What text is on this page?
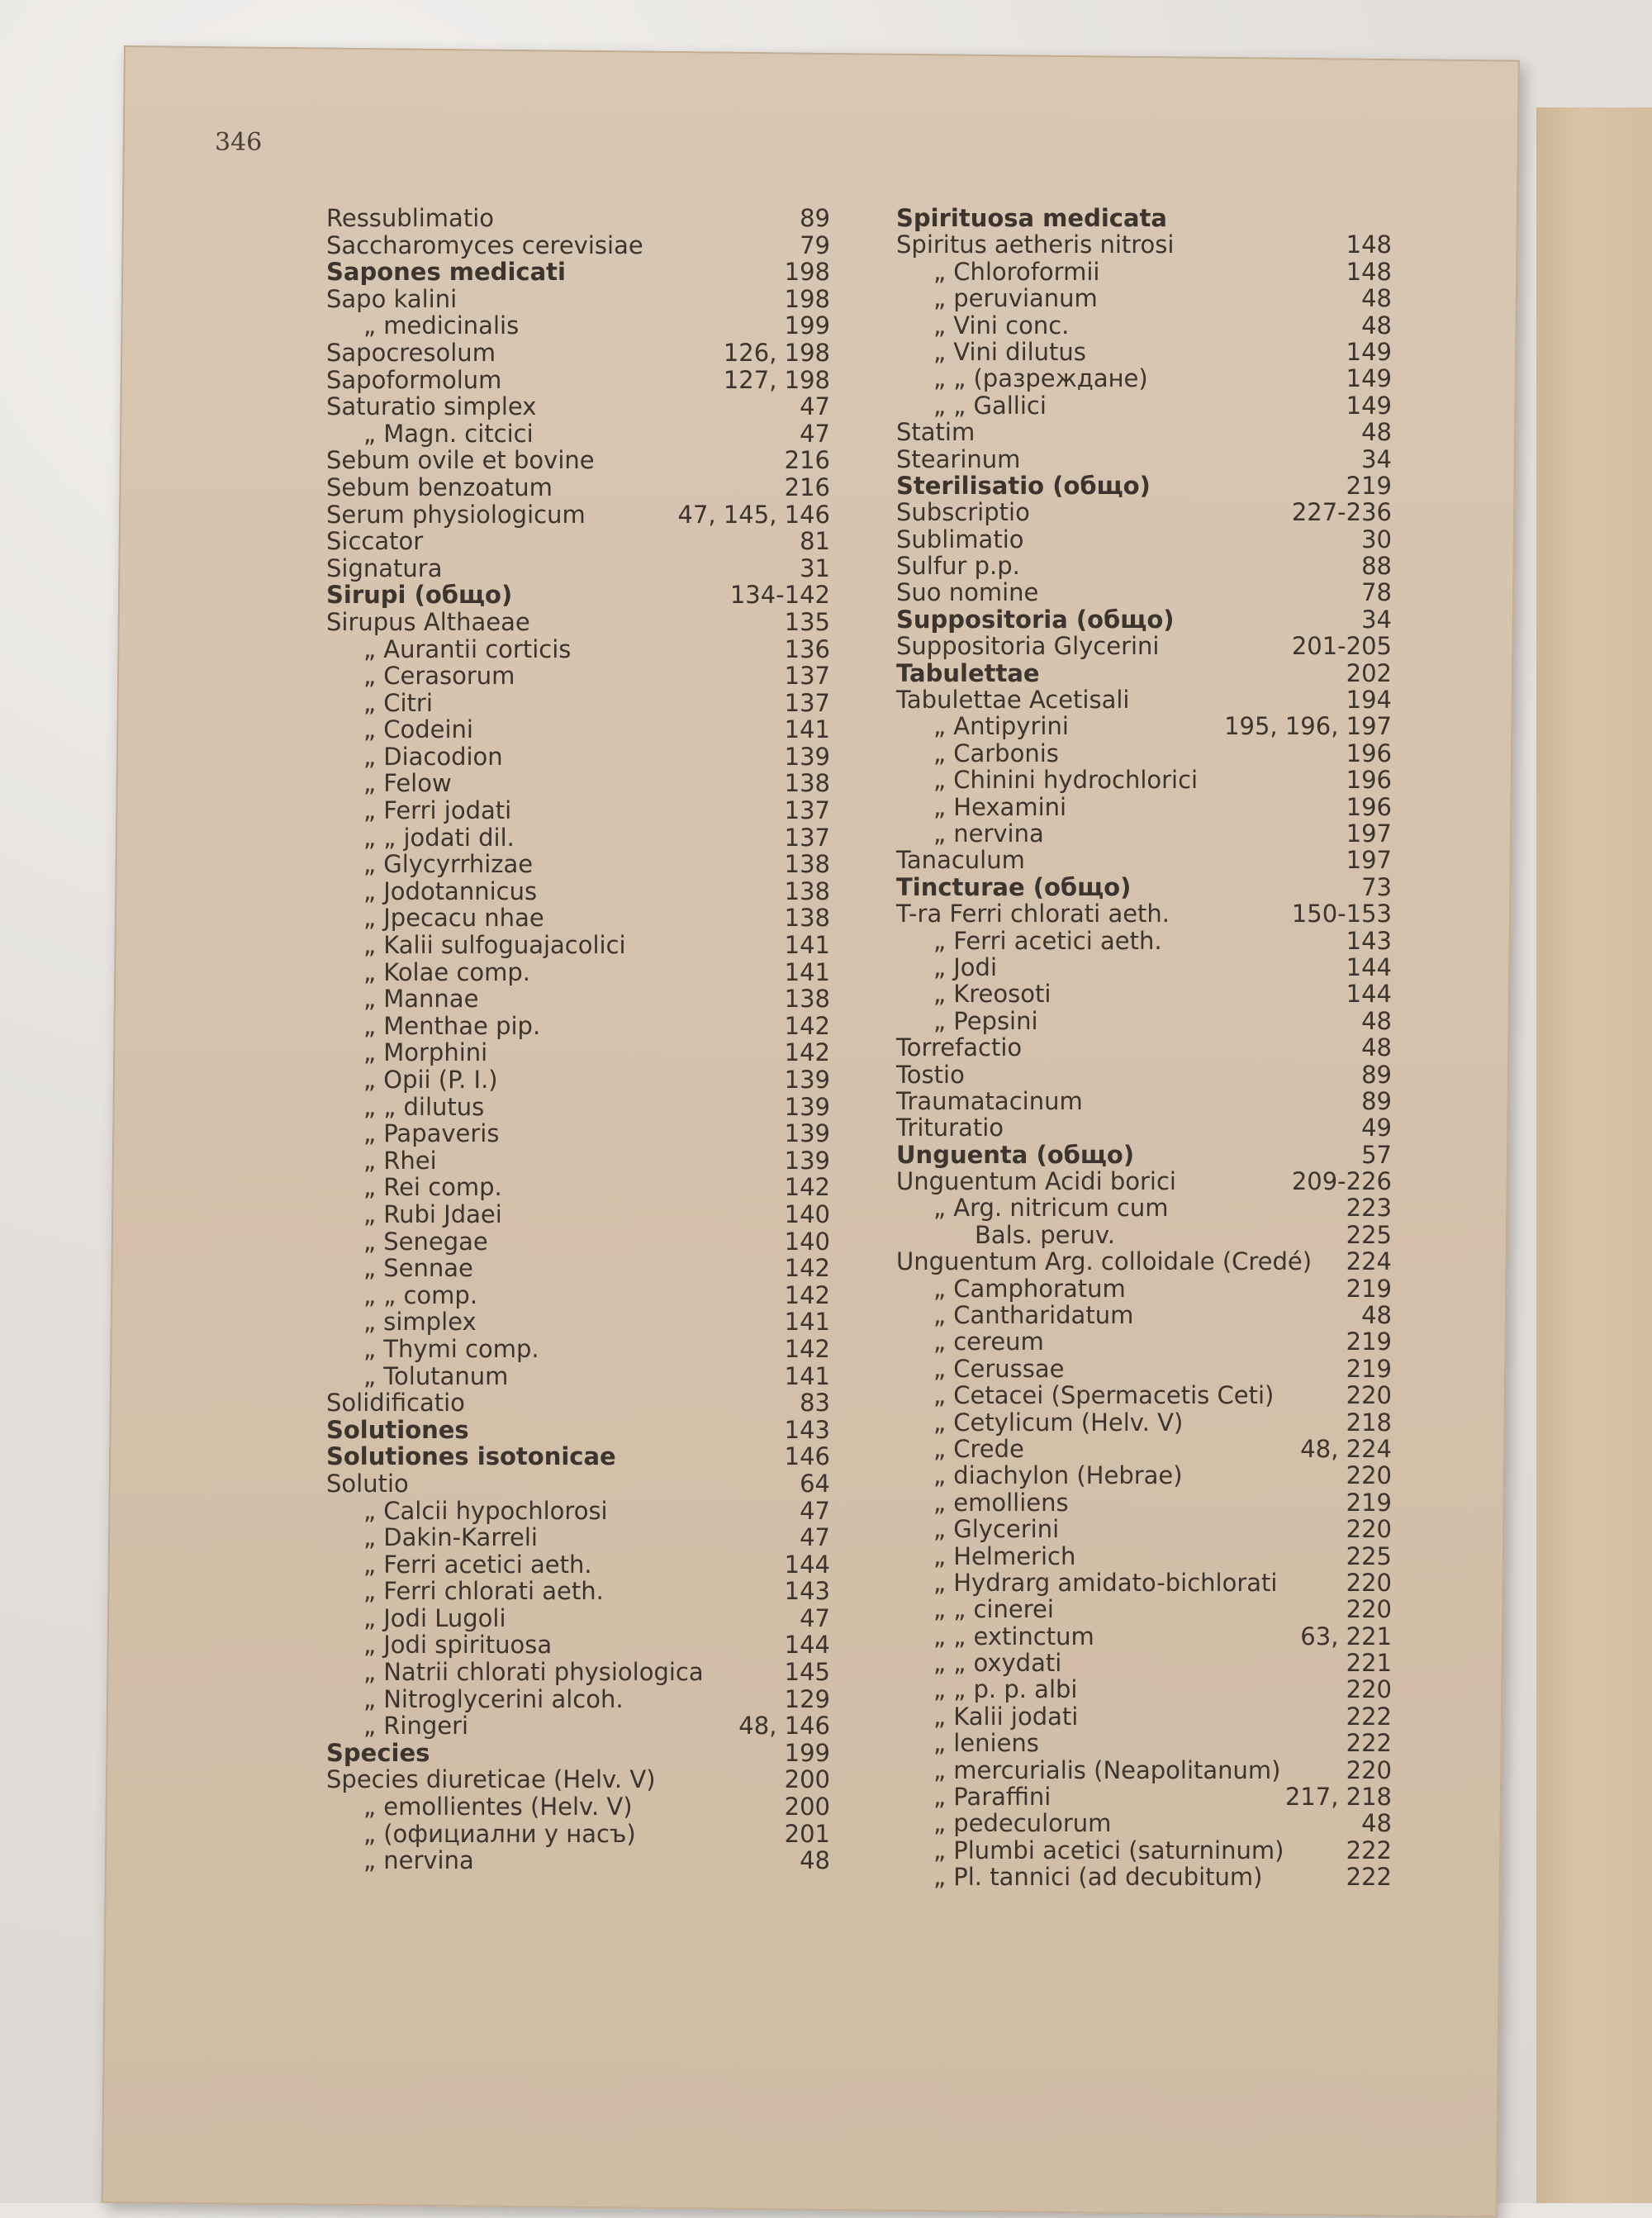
346
Ressublimatio	89
Saccharomyces cerevisiae	79
Sapones medicati	198
Sapo kalini	198
„ medicinalis	199
Sapocresolum	126, 198
Sapoformolum	127, 198
Saturatio simplex	47
„ Magn. citcici	47
Sebum ovile et bovine	216
Sebum benzoatum	216
Serum physiologicum	47, 145, 146
Siccator	81
Signatura	31
Sirupi (общо)	134-142
Sirupus Althaeae	135
„ Aurantii corticis	136
„ Cerasorum	137
„ Citri	137
„ Codeini	141
„ Diacodion	139
„ Felow	138
„ Ferri jodati	137
„ „ jodati dil.	137
„ Glycyrrhizae	138
„ Jodotannicus	138
„ Jpecacu nhae	138
„ Kalii sulfoguajacolici	141
„ Kolae comp.	141
„ Mannae	138
„ Menthae pip.	142
„ Morphini	142
„ Opii (P. I.)	139
„ „ dilutus	139
„ Papaveris	139
„ Rhei	139
„ Rei comp.	142
„ Rubi Jdaei	140
„ Senegae	140
„ Sennae	142
„ „ comp.	142
„ simplex	141
„ Thymi comp.	142
„ Tolutanum	141
Solidificatio	83
Solutiones	143
Solutiones isotonicae	146
Solutio	64
„ Calcii hypochlorosi	47
„ Dakin-Karreli	47
„ Ferri acetici aeth.	144
„ Ferri chlorati aeth.	143
„ Jodi Lugoli	47
„ Jodi spirituosa	144
„ Natrii chlorati physiologica	145
„ Nitroglycerini alcoh.	129
„ Ringeri	48, 146
Species	199
Species diureticae (Helv. V)	200
„ emollientes (Helv. V)	200
„ (официални у насъ)	201
„ nervina	48
Spirituosa medicata
Spiritus aetheris nitrosi	148
„ Chloroformii	148
„ peruvianum	48
„ Vini conc.	48
„ Vini dilutus	149
„ „ (разреждане)	149
„ „ Gallici	149
Statim	48
Stearinum	34
Sterilisatio (общо)	219
Subscriptio	227-236
Sublimatio	30
Sulfur p.p.	88
Suo nomine	78
Suppositoria (общо)	34
Suppositoria Glycerini	201-205
Tabulettae	202
Tabulettae Acetisali	194
„ Antipyrini	195, 196, 197
„ Carbonis	196
„ Chinini hydrochlorici	196
„ Hexamini	196
„ nervina	197
Tanaculum	197
Tincturae (общо)	73
T-ra Ferri chlorati aeth.	150-153
„ Ferri acetici aeth.	143
„ Jodi	144
„ Kreosoti	144
„ Pepsini	48
Torrefactio	48
Tostio	89
Traumatacinum	89
Trituratio	49
Unguenta (общо)	57
Unguentum Acidi borici	209-226
„ Arg. nitricum cum	223
Bals. peruv.	225
Unguentum Arg. colloidale (Credé) 224
„ Camphoratum	219
„ Cantharidatum	48
„ cereum	219
„ Cerussae	219
„ Cetacei (Spermacetis Ceti)	220
„ Cetylicum (Helv. V)	218
„ Crede	48, 224
„ diachylon (Hebrae)	220
„ emolliens	219
„ Glycerini	220
„ Helmerich	225
„ Hydrarg amidato-bichlorati	220
„ „ cinerei	220
„ „ extinctum	63, 221
„ „ oxydati	221
„ „ p. p. albi	220
„ Kalii jodati	222
„ leniens	222
„ mercurialis (Neapolitanum)	220
„ Paraffini	217, 218
„ pedeculorum	48
„ Plumbi acetici (saturninum)	222
„ Pl. tannici (ad decubitum)	222
